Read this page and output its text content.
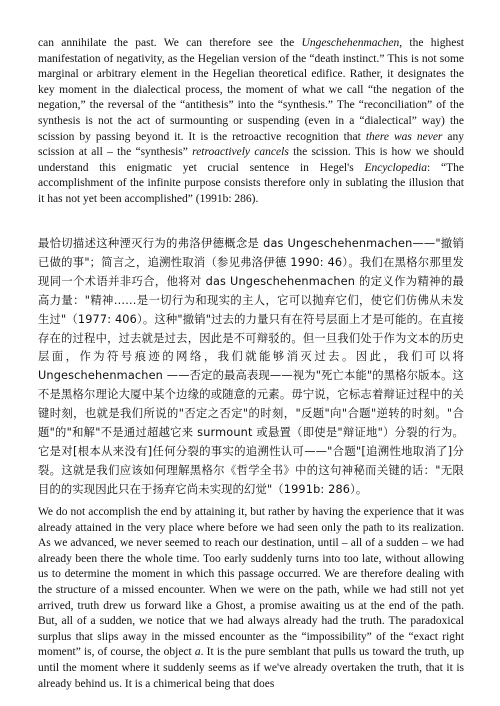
can annihilate the past. We can therefore see the Ungeschehenmachen, the highest manifestation of negativity, as the Hegelian version of the “death instinct.” This is not some marginal or arbitrary element in the Hegelian theoretical edifice. Rather, it designates the key moment in the dialectical process, the moment of what we call “the negation of the negation,” the reversal of the “antithesis” into the “synthesis.” The “reconciliation” of the synthesis is not the act of surmounting or suspending (even in a “dialectical” way) the scission by passing beyond it. It is the retroactive recognition that there was never any scission at all – the “synthesis” retroactively cancels the scission. This is how we should understand this enigmatic yet crucial sentence in Hegel's Encyclopedia: “The accomplishment of the infinite purpose consists therefore only in sublating the illusion that it has not yet been accomplished” (1991b: 286).

最恰切描述这种湮灭行为的弗洛伊德概念是 das Ungeschehenmachen——"撤销已做的事"；简言之，追溯性取消（参见弗洛伊德 1990: 46）。我们在黑格尔那里发现同一个术语并非巧合，他将对 das Ungeschehenmachen 的定义作为精神的最高力量："精神……是一切行为和现实的主人，它可以抛弃它们，使它们仿佛从未发生过"（1977: 406）。这种"撤销"过去的力量只有在符号层面上才是可能的。在直接存在的过程中，过去就是过去，因此是不可辩驳的。但一旦我们处于作为文本的历史层面，作为符号痕迹的网络，我们就能够消灭过去。因此，我们可以将 Ungeschehenmachen ——否定的最高表现——视为"死亡本能"的黑格尔版本。这不是黑格尔理论大厦中某个边缘的或随意的元素。毋宁说，它标志着辩证过程中的关键时刻，也就是我们所说的"否定之否定"的时刻，"反题"向"合题"逆转的时刻。"合题"的"和解"不是通过超越它来 surmount 或悬置（即使是"辩证地"）分裂的行为。它是对[根本从来没有]任何分裂的事实的追溯性认可——"合题"[追溯性地取消了]分裂。这就是我们应该如何理解黑格尔《哲学全书》中的这句神秘而关键的话："无限目的的实现因此只在于扬弃它尚未实现的幻觉"（1991b: 286）。

We do not accomplish the end by attaining it, but rather by having the experience that it was already attained in the very place where before we had seen only the path to its realization. As we advanced, we never seemed to reach our destination, until – all of a sudden – we had already been there the whole time. Too early suddenly turns into too late, without allowing us to determine the moment in which this passage occurred. We are therefore dealing with the structure of a missed encounter. When we were on the path, while we had still not yet arrived, truth drew us forward like a Ghost, a promise awaiting us at the end of the path. But, all of a sudden, we notice that we had always already had the truth. The paradoxical surplus that slips away in the missed encounter as the “impossibility” of the “exact right moment” is, of course, the object a. It is the pure semblant that pulls us toward the truth, up until the moment where it suddenly seems as if we've already overtaken the truth, that it is already behind us. It is a chimerical being that does
